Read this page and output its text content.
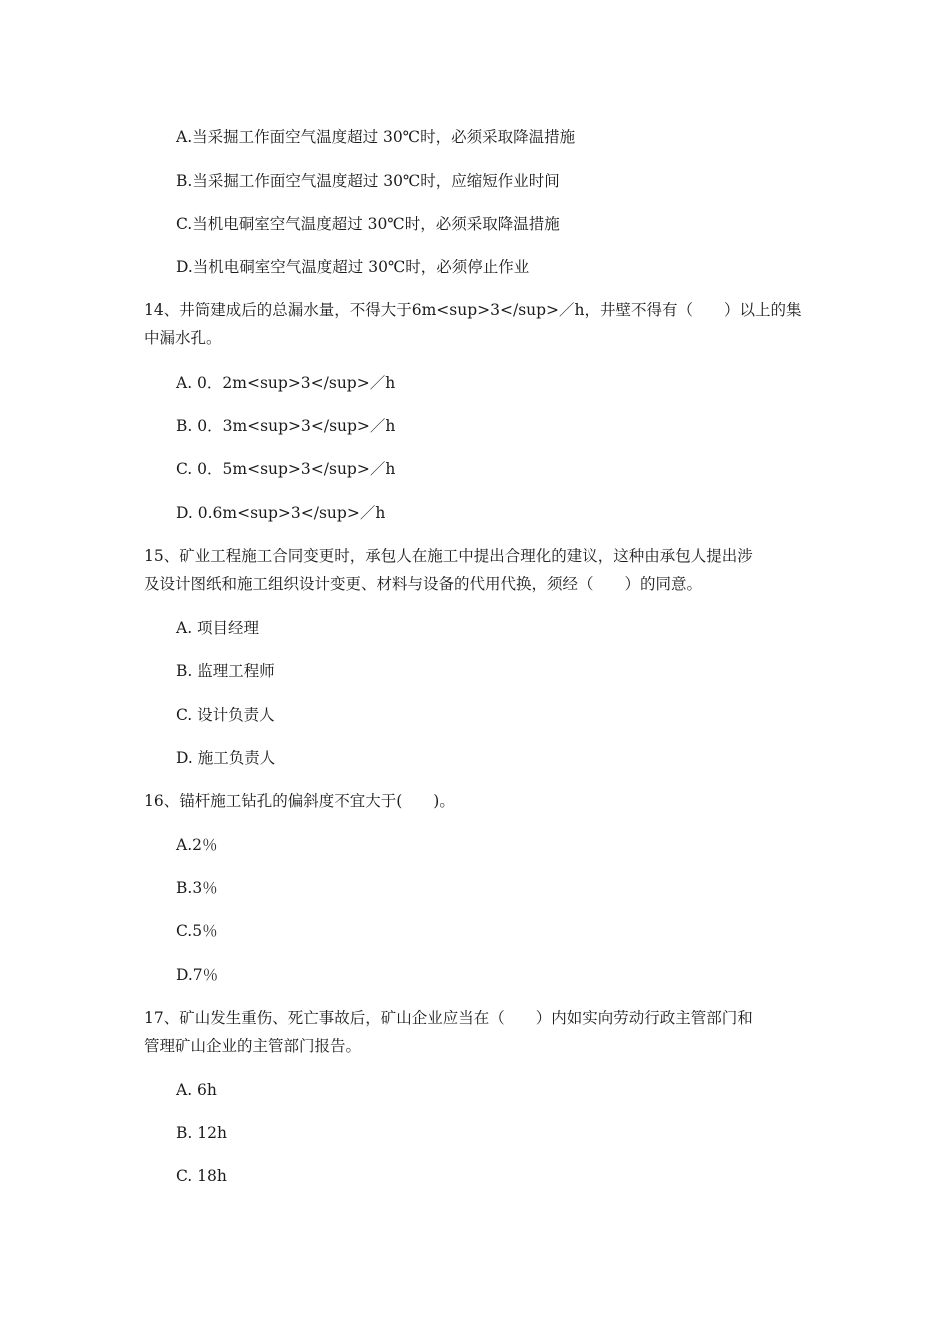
A.当采掘工作面空气温度超过 30℃时，必须采取降温措施
B.当采掘工作面空气温度超过 30℃时，应缩短作业时间
C.当机电硐室空气温度超过 30℃时，必须采取降温措施
D.当机电硐室空气温度超过 30℃时，必须停止作业
14、井筒建成后的总漏水量，不得大于6m<sup>3</sup>／h，井壁不得有（　　）以上的集
中漏水孔。
A. 0．2m<sup>3</sup>／h
B. 0．3m<sup>3</sup>／h
C. 0．5m<sup>3</sup>／h
D. 0.6m<sup>3</sup>／h
15、矿业工程施工合同变更时，承包人在施工中提出合理化的建议，这种由承包人提出涉
及设计图纸和施工组织设计变更、材料与设备的代用代换，须经（　　）的同意。
A. 项目经理
B. 监理工程师
C. 设计负责人
D. 施工负责人
16、锚杆施工钻孔的偏斜度不宜大于(　　)。
A.2％
B.3％
C.5％
D.7％
17、矿山发生重伤、死亡事故后，矿山企业应当在（　　）内如实向劳动行政主管部门和
管理矿山企业的主管部门报告。
A. 6h
B. 12h
C. 18h
